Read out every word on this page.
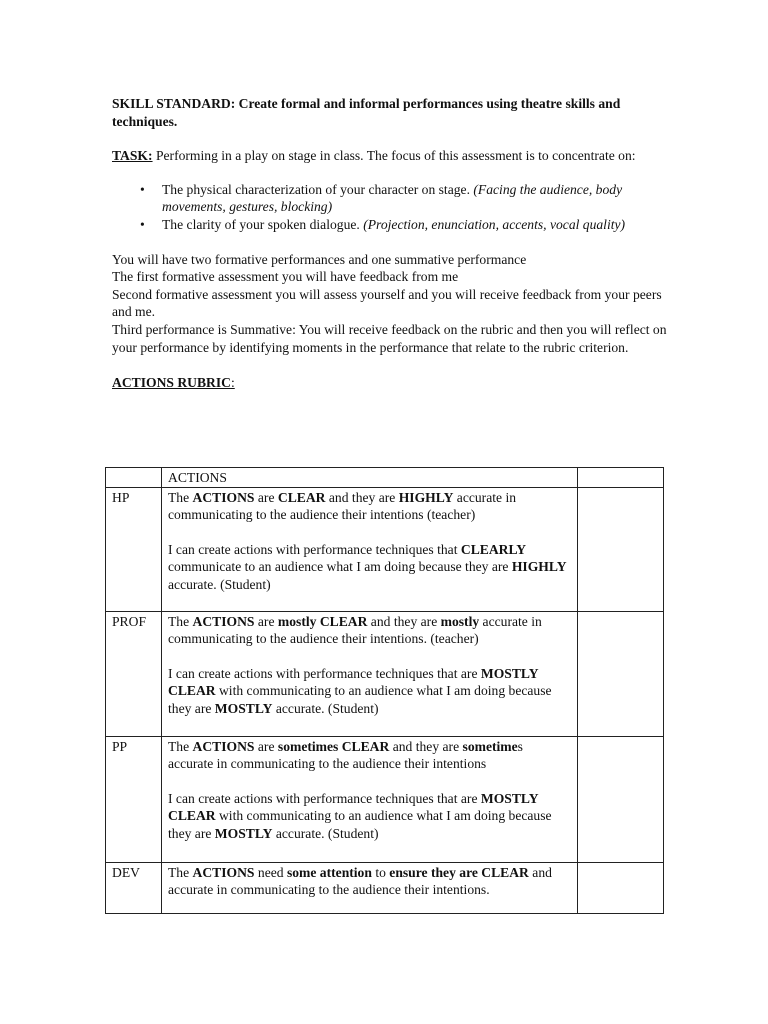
SKILL STANDARD: Create formal and informal performances using theatre skills and techniques.

TASK: Performing in a play on stage in class. The focus of this assessment is to concentrate on:

• The physical characterization of your character on stage. (Facing the audience, body movements, gestures, blocking)
• The clarity of your spoken dialogue. (Projection, enunciation, accents, vocal quality)

You will have two formative performances and one summative performance
The first formative assessment you will have feedback from me
Second formative assessment you will assess yourself and you will receive feedback from your peers and me.
Third performance is Summative: You will receive feedback on the rubric and then you will reflect on your performance by identifying moments in the performance that relate to the rubric criterion.

ACTIONS RUBRIC:

	ACTIONS	
HP	The ACTIONS are CLEAR and they are HIGHLY accurate in communicating to the audience their intentions (teacher)

I can create actions with performance techniques that CLEARLY communicate to an audience what I am doing because they are HIGHLY accurate. (Student)	

PROF	The ACTIONS are mostly CLEAR and they are mostly accurate in communicating to the audience their intentions. (teacher)

I can create actions with performance techniques that are MOSTLY CLEAR with communicating to an audience what I am doing because they are MOSTLY accurate. (Student)	

PP	The ACTIONS are sometimes CLEAR and they are sometimes accurate in communicating to the audience their intentions

I can create actions with performance techniques that are MOSTLY CLEAR with communicating to an audience what I am doing because they are MOSTLY accurate. (Student)	

DEV	The ACTIONS need some attention to ensure they are CLEAR and accurate in communicating to the audience their intentions.	
